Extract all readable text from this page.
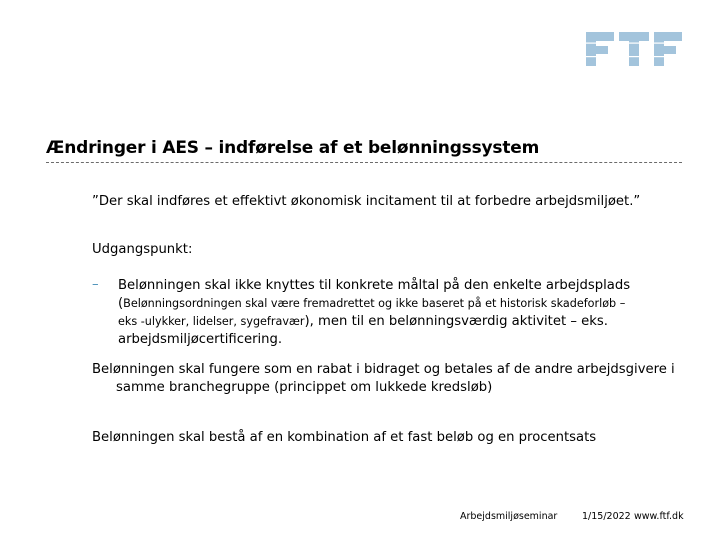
Ændringer i AES – indførelse af et belønningssystem
”Der skal indføres et effektivt økonomisk incitament til at forbedre arbejdsmiljøet.”
Udgangspunkt:
– Belønningen skal ikke knyttes til konkrete måltal på den enkelte arbejdsplads (Belønningsordningen skal være fremadrettet og ikke baseret på et historisk skadeforløb – eks -ulykker, lidelser, sygefravær), men til en belønningsværdig aktivitet – eks. arbejdsmiljøcertificering.
Belønningen skal fungere som en rabat i bidraget og betales af de andre arbejdsgivere i samme branchegruppe (princippet om lukkede kredsløb)
Belønningen skal bestå af en kombination af et fast beløb og en procentsats
Arbejdsmiljøseminar	1/15/2022 www.ftf.dk
